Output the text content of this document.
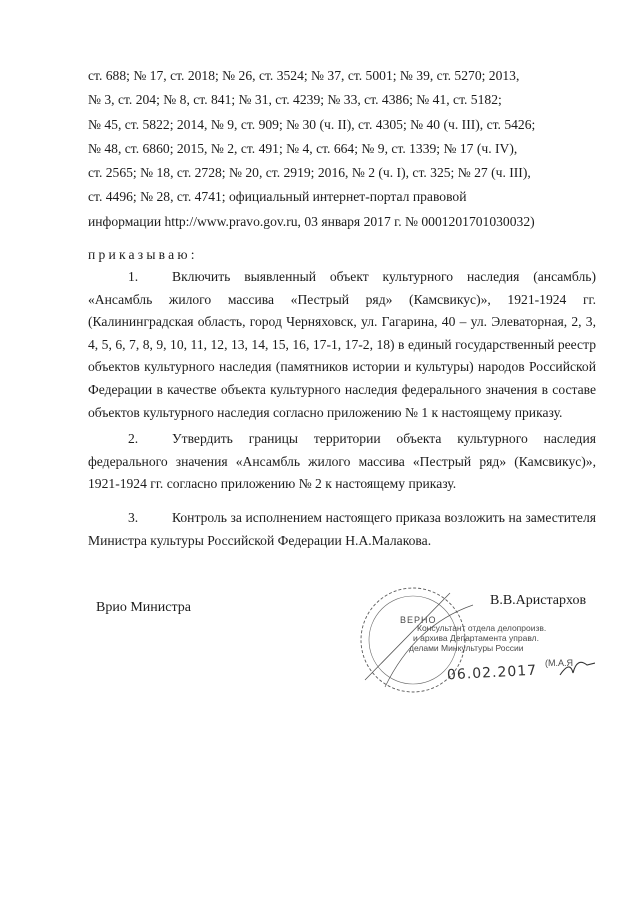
ст. 688; № 17, ст. 2018; № 26, ст. 3524; № 37, ст. 5001; № 39, ст. 5270; 2013,

№ 3, ст. 204; № 8, ст. 841; № 31, ст. 4239; № 33, ст. 4386; № 41, ст. 5182;

№ 45, ст. 5822; 2014, № 9, ст. 909; № 30 (ч. II), ст. 4305; № 40 (ч. III), ст. 5426;

№ 48, ст. 6860; 2015, № 2, ст. 491; № 4, ст. 664; № 9, ст. 1339; № 17 (ч. IV),

ст. 2565; № 18, ст. 2728; № 20, ст. 2919; 2016, № 2 (ч. I), ст. 325; № 27 (ч. III),

ст. 4496; № 28, ст. 4741; официальный интернет-портал правовой

информации http://www.pravo.gov.ru, 03 января 2017 г. № 0001201701030032)

приказываю:
1. Включить выявленный объект культурного наследия (ансамбль) «Ансамбль жилого массива «Пестрый ряд» (Камсвикус)», 1921-1924 гг. (Калининградская область, город Черняховск, ул. Гагарина, 40 – ул. Элеваторная, 2, 3, 4, 5, 6, 7, 8, 9, 10, 11, 12, 13, 14, 15, 16, 17-1, 17-2, 18) в единый государственный реестр объектов культурного наследия (памятников истории и культуры) народов Российской Федерации в качестве объекта культурного наследия федерального значения в составе объектов культурного наследия согласно приложению № 1 к настоящему приказу.
2. Утвердить границы территории объекта культурного наследия федерального значения «Ансамбль жилого массива «Пестрый ряд» (Камсвикус)», 1921-1924 гг. согласно приложению № 2 к настоящему приказу.
3. Контроль за исполнением настоящего приказа возложить на заместителя Министра культуры Российской Федерации Н.А.Малакова.
Врио Министра
ВЕРНО
Консультант отдела делопроизв.
и архива Департамента управл.
делами Минкультуры России
(М.А.Я
06.02.2017
В.В.Аристархов
